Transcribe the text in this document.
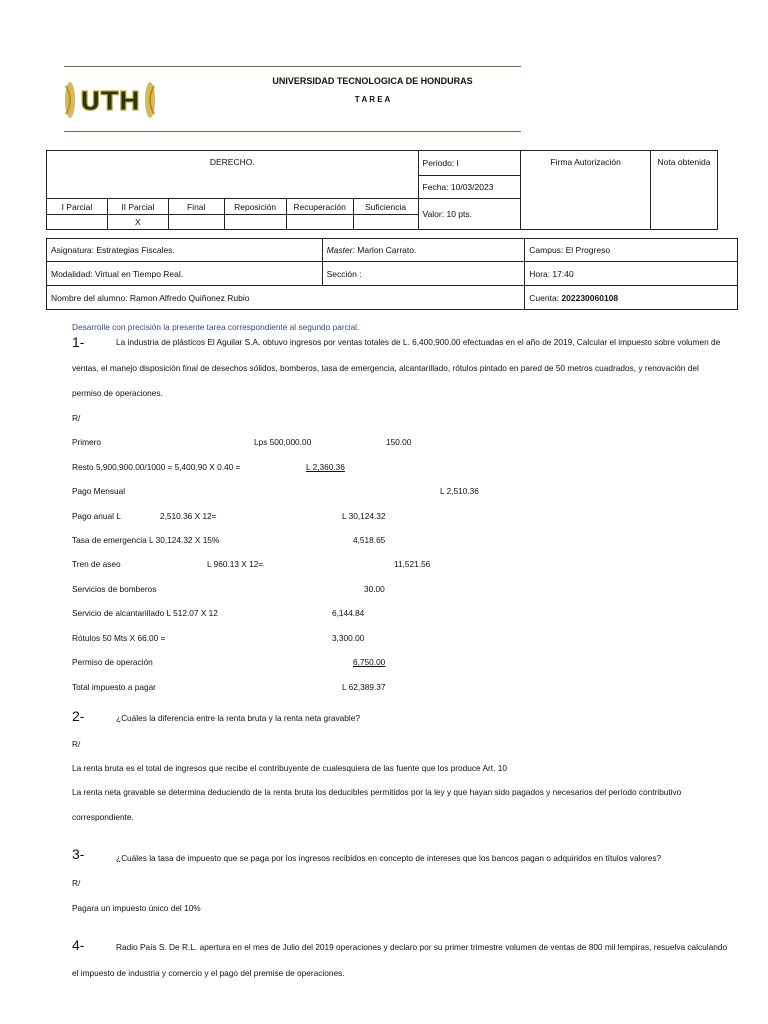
UTH
UNIVERSIDAD TECNOLOGICA DE HONDURAS
T A R E A
DERECHO.						Periodo: I	Firma Autorización	Nota obtenida
						Fecha: 10/03/2023		
I Parcial	II Parcial	Final	Reposición	Recuperación	Suficiencia	Valor: 10 pts.		
	X							
Asignatura: Estrategias Fiscales.	Master: Marlon Carrato.	Campus: El Progreso
Modalidad: Virtual en Tiempo Real.	Sección :	Hora: 17:40
Nombre del alumno: Ramon Alfredo Quiñonez Rubio		Cuenta: 202230060108
Desarrolle con precisión la presente tarea correspondiente al segundo parcial.
1-	La industria de plásticos El Aguilar S.A. obtuvo ingresos por ventas totales de L. 6,400,900.00 efectuadas en el año de 2019, Calcular el impuesto sobre volumen de
ventas, el manejo disposición final de desechos sólidos, bomberos, tasa de emergencia, alcantarillado, rótulos pintado en pared de 50 metros cuadrados, y renovación del
permiso de operaciones.
R/
Primero	Lps 500,000.00	150.00
Resto 5,900,900.00/1000 = 5,400.90 X 0.40 =	L 2,360.36
Pago Mensual	L 2,510.36
Pago anual L	2,510.36 X 12=	L 30,124.32
Tasa de emergencia L 30,124.32 X 15%	4,518.65
Tren de aseo	L 960.13 X 12=	11,521.56
Servicios de bomberos	30.00
Servicio de alcantarillado L 512.07 X 12	6,144.84
Rótulos 50 Mts X 66.00 =	3,300.00
Permiso de operación	6,750.00
Total impuesto a pagar	L 62,389.37
2-	¿Cuáles la diferencia entre la renta bruta y la renta neta gravable?
R/
La renta bruta es el total de ingresos que recibe el contribuyente de cualesquiera de las fuente que los produce Art. 10
La renta neta gravable se determina deduciendo de la renta bruta los deducibles permitidos por la ley y que hayan sido pagados y necesarios del período contributivo
correspondiente.
3-	¿Cuáles la tasa de impuesto que se paga por los ingresos recibidos en concepto de intereses que los bancos pagan o adquiridos en títulos valores?
R/
Pagara un impuesto único del 10%
4-	Radio País S. De R.L. apertura en el mes de Julio del 2019 operaciones y declaro por su primer trimestre volumen de ventas de 800 mil lempiras, resuelva calculando
el impuesto de industria y comercio y el pago del premise de operaciones.
